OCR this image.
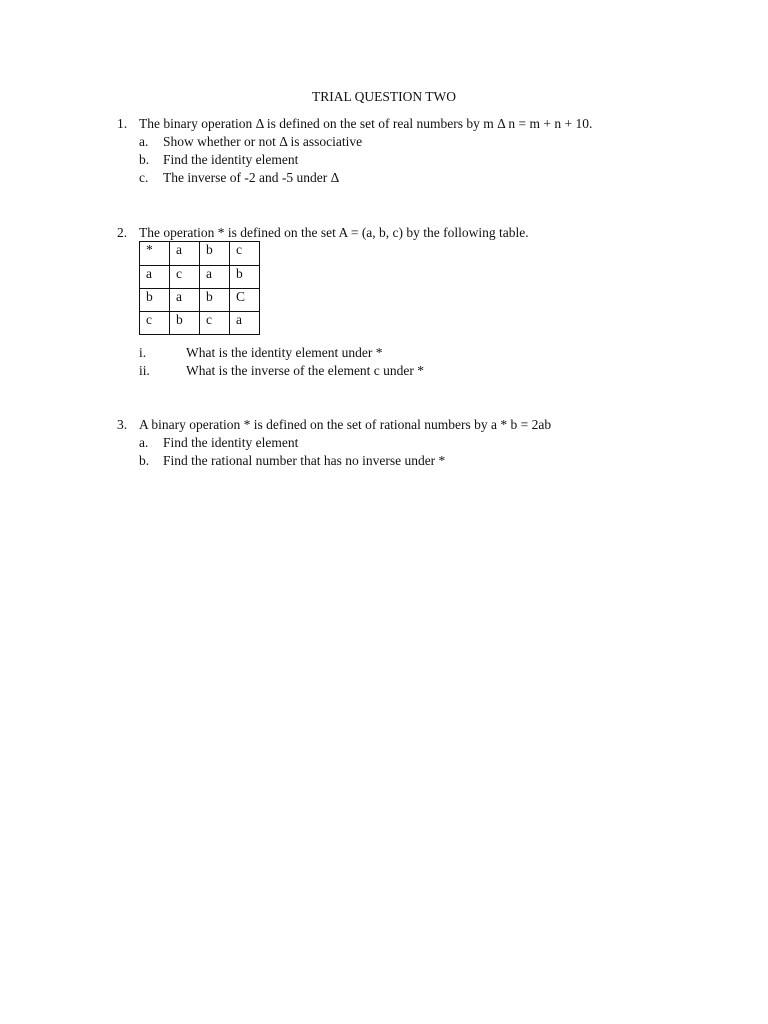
TRIAL QUESTION TWO
1. The binary operation Δ is defined on the set of real numbers by m Δ n = m + n + 10.
a. Show whether or not Δ is associative
b. Find the identity element
c. The inverse of -2 and -5 under Δ
2. The operation * is defined on the set A = (a, b, c) by the following table.
*	a	b	c
a	c	a	b
b	a	b	C
c	b	c	a
i.	What is the identity element under *
ii.	What is the inverse of the element c under *
3. A binary operation * is defined on the set of rational numbers by a * b = 2ab
a. Find the identity element
b. Find the rational number that has no inverse under *
